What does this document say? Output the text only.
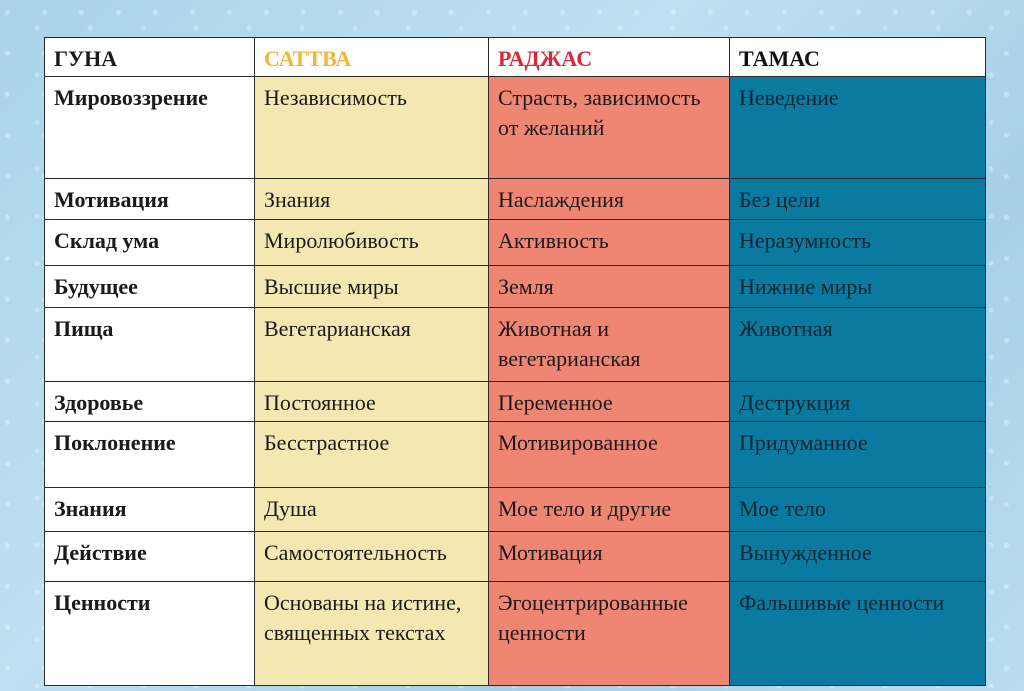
ГУНА	САТТВА	РАДЖАС	ТАМАС
Мировоззрение	Независимость	Страсть, зависимость от желаний	Неведение
Мотивация	Знания	Наслаждения	Без цели
Склад ума	Миролюбивость	Активность	Неразумность
Будущее	Высшие миры	Земля	Нижние миры
Пища	Вегетарианская	Животная и вегетарианская	Животная
Здоровье	Постоянное	Переменное	Деструкция
Поклонение	Бесстрастное	Мотивированное	Придуманное
Знания	Душа	Мое тело и другие	Мое тело
Действие	Самостоятельность	Мотивация	Вынужденное
Ценности	Основаны на истине, священных текстах	Эгоцентрированные ценности	Фальшивые ценности
